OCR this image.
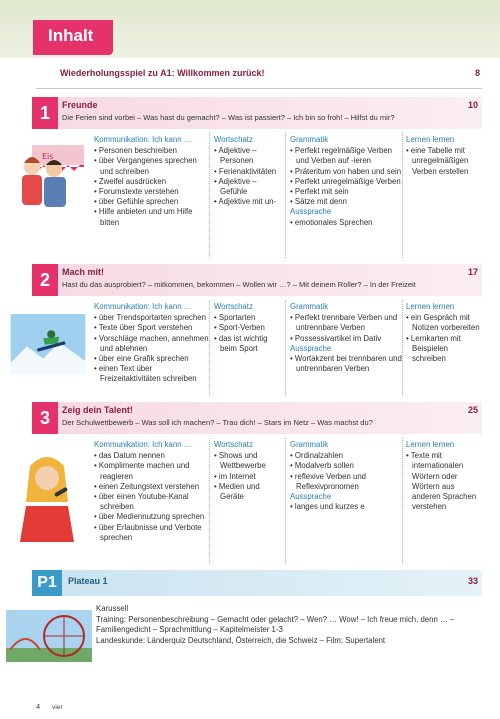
Inhalt
Wiederholungsspiel zu A1: Willkommen zurück!	8
1	Freunde	10
Die Ferien sind vorbei – Was hast du gemacht? – Was ist passiert? – Ich bin so froh! – Hilfst du mir?
Eis
Kommunikation: Ich kann …
• Personen beschreiben
• über Vergangenes sprechen und schreiben
• Zweifel ausdrücken
• Forumstexte verstehen
• über Gefühle sprechen
• Hilfe anbieten und um Hilfe bitten
Wortschatz
• Adjektive – Personen
• Ferienaktivitäten
• Adjektive – Gefühle
• Adjektive mit un-
Grammatik
• Perfekt regelmäßige Verben und Verben auf -ieren
• Präteritum von haben und sein
• Perfekt unregelmäßige Verben
• Perfekt mit sein
• Sätze mit denn
Aussprache
• emotionales Sprechen
Lernen lernen
• eine Tabelle mit unregelmäßigen Verben erstellen
2	Mach mit!	17
Hast du das ausprobiert? – mitkommen, bekommen – Wollen wir …? – Mit deinem Roller? – In der Freizeit
Kommunikation: Ich kann …
• über Trendsportarten sprechen
• Texte über Sport verstehen
• Vorschläge machen, annehmen und ablehnen
• über eine Grafik sprechen
• einen Text über Freizeitaktivitäten schreiben
Wortschatz
• Sportarten
• Sport-Verben
• das ist wichtig beim Sport
Grammatik
• Perfekt trennbare Verben und untrennbare Verben
• Possessivartikel im Dativ
Aussprache
• Wortakzent bei trennbaren und untrennbaren Verben
Lernen lernen
• ein Gespräch mit Notizen vorbereiten
• Lernkarten mit Beispielen schreiben
3	Zeig dein Talent!	25
Der Schulwettbewerb – Was soll ich machen? – Trau dich! – Stars im Netz – Was machst du?
Kommunikation: Ich kann …
• das Datum nennen
• Komplimente machen und reagieren
• einen Zeitungstext verstehen
• über einen Youtube-Kanal schreiben
• über Mediennutzung sprechen
• über Erlaubnisse und Verbote sprechen
Wortschatz
• Shows und Wettbewerbe
• im Internet
• Medien und Geräte
Grammatik
• Ordinalzahlen
• Modalverb sollen
• reflexive Verben und Reflexivpronomen
Aussprache
• langes und kurzes e
Lernen lernen
• Texte mit internationalen Wörtern oder Wörtern aus anderen Sprachen verstehen
P1	Plateau 1	33
Karussell
Training: Personenbeschreibung – Gemacht oder gelacht? – Wen? … Wow! – Ich freue mich, denn … – Familiengedicht – Sprachmittlung – Kapitelmeister 1-3
Landeskunde: Länderquiz Deutschland, Österreich, die Schweiz – Film: Supertalent
4 vier
